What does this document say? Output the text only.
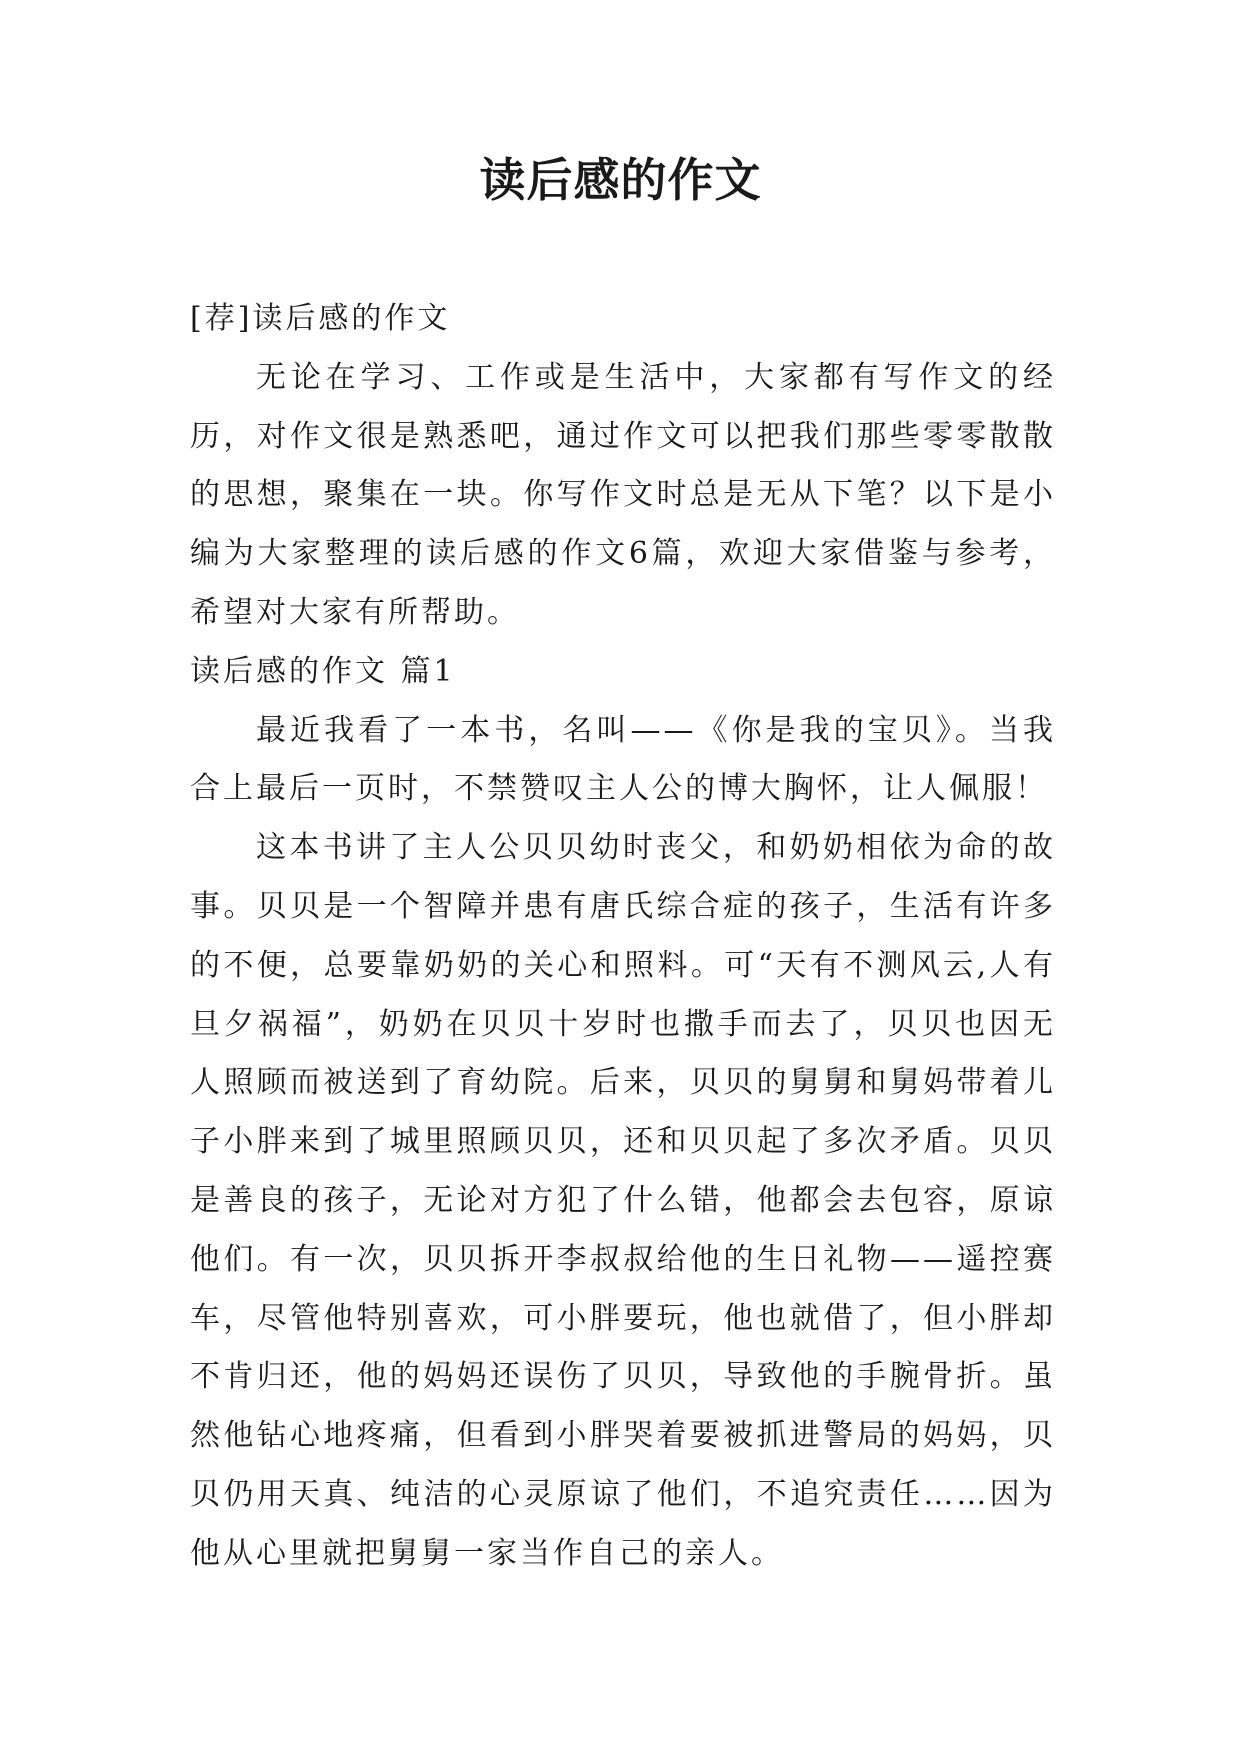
读后感的作文

[荐]读后感的作文

无论在学习、工作或是生活中，大家都有写作文的经历，对作文很是熟悉吧，通过作文可以把我们那些零零散散的思想，聚集在一块。你写作文时总是无从下笔？以下是小编为大家整理的读后感的作文6篇，欢迎大家借鉴与参考，希望对大家有所帮助。

读后感的作文 篇1

最近我看了一本书，名叫——《你是我的宝贝》。当我合上最后一页时，不禁赞叹主人公的博大胸怀，让人佩服！

这本书讲了主人公贝贝幼时丧父，和奶奶相依为命的故事。贝贝是一个智障并患有唐氏综合症的孩子，生活有许多的不便，总要靠奶奶的关心和照料。可“天有不测风云,人有旦夕祸福”，奶奶在贝贝十岁时也撒手而去了，贝贝也因无人照顾而被送到了育幼院。后来，贝贝的舅舅和舅妈带着儿子小胖来到了城里照顾贝贝，还和贝贝起了多次矛盾。贝贝是善良的孩子，无论对方犯了什么错，他都会去包容，原谅他们。有一次，贝贝拆开李叔叔给他的生日礼物——遥控赛车，尽管他特别喜欢，可小胖要玩，他也就借了，但小胖却不肯归还，他的妈妈还误伤了贝贝，导致他的手腕骨折。虽然他钻心地疼痛，但看到小胖哭着要被抓进警局的妈妈，贝贝仍用天真、纯洁的心灵原谅了他们，不追究责任……因为他从心里就把舅舅一家当作自己的亲人。
